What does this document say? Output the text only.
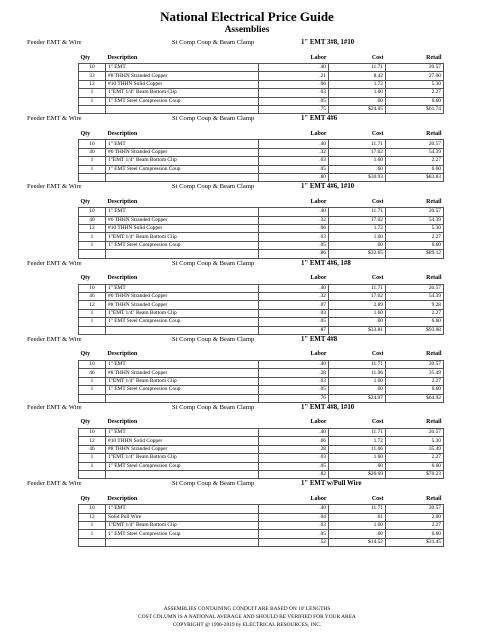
National Electrical Price Guide
Assemblies
Feeder EMT & Wire	St Comp Coup & Beam Clamp	1" EMT 3#8, 1#10
Qty	Description	Labor	Cost	Retail
10	1" EMT	.40	11.71	20.57
33	#8 THHN Stranded Copper	.21	8.42	27.00
12	#10 THHN Solid Copper	.06	1.72	5.30
1	1"EMT 1/4" Beam Bottom Clip	.03	1.60	2.27
1	1" EMT Steel Compression Coup	.05	.60	6.60
		.75	$24.05	$61.74
Feeder EMT & Wire	St Comp Coup & Beam Clamp	1" EMT 4#6
Qty	Description	Labor	Cost	Retail
10	1" EMT	.40	11.71	20.57
40	#6 THHN Stranded Copper	.32	17.02	54.39
1	1"EMT 1/4" Beam Bottom Clip	.03	1.60	2.27
1	1" EMT Steel Compression Coup	.05	.60	6.60
		.80	$30.93	$83.83
Feeder EMT & Wire	St Comp Coup & Beam Clamp	1" EMT 4#6, 1#10
Qty	Description	Labor	Cost	Retail
10	1" EMT	.40	11.71	20.57
40	#6 THHN Stranded Copper	.32	17.02	54.39
12	#10 THHN Solid Copper	.06	1.72	5.30
1	1"EMT 1/4" Beam Bottom Clip	.03	1.60	2.27
1	1" EMT Steel Compression Coup	.05	.60	6.60
		.86	$32.65	$89.12
Feeder EMT & Wire	St Comp Coup & Beam Clamp	1" EMT 4#6, 1#8
Qty	Description	Labor	Cost	Retail
10	1" EMT	.40	11.71	20.57
46	#6 THHN Stranded Copper	.32	17.02	54.39
12	#8 THHN Stranded Copper	.07	2.89	9.28
1	1"EMT 1/4" Beam Bottom Clip	.03	1.60	2.27
1	1" EMT Steel Compression Coup	.05	.60	6.60
		.87	$33.81	$93.08
Feeder EMT & Wire	St Comp Coup & Beam Clamp	1" EMT 4#8
Qty	Description	Labor	Cost	Retail
10	1" EMT	.40	11.71	20.57
46	#8 THHN Stranded Copper	.28	11.06	35.49
1	1"EMT 1/4" Beam Bottom Clip	.03	1.60	2.27
1	1" EMT Steel Compression Coup	.05	.60	6.60
		.76	$24.97	$64.92
Feeder EMT & Wire	St Comp Coup & Beam Clamp	1" EMT 4#8, 1#10
Qty	Description	Labor	Cost	Retail
10	1" EMT	.40	11.71	20.57
12	#10 THHN Solid Copper	.06	1.72	5.30
46	#8 THHN Stranded Copper	.28	11.06	35.49
1	1"EMT 1/4" Beam Bottom Clip	.03	1.60	2.27
1	1" EMT Steel Compression Coup	.05	.60	6.60
		.82	$26.69	$70.23
Feeder EMT & Wire	St Comp Coup & Beam Clamp	1" EMT w/Pull Wire
Qty	Description	Labor	Cost	Retail
10	1" EMT	.40	11.71	20.57
12	Solid Pull Wire	.04	.61	2.00
1	1"EMT 1/4" Beam Bottom Clip	.03	1.60	2.27
1	1" EMT Steel Compression Coup	.05	.60	6.60
		.52	$14.52	$31.45
ASSEMBLIES CONTAINING CONDUIT ARE BASED ON 10' LENGTHS
COST COLUMN IS A NATIONAL AVERAGE AND SHOULD BE VERIFIED FOR YOUR AREA
COPYRIGHT @ 1996-2019 by ELECTRICAL RESOURCES, INC.
